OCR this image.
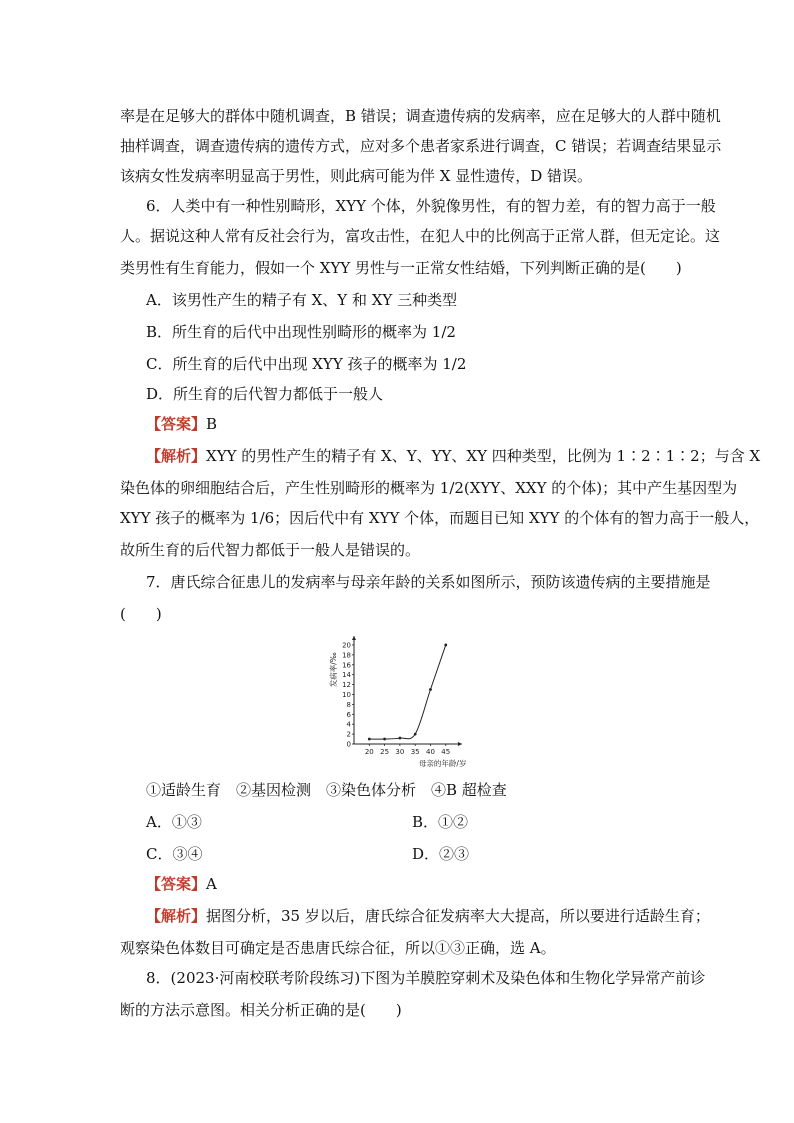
率是在足够大的群体中随机调查，B 错误；调查遗传病的发病率，应在足够大的人群中随机
抽样调查，调查遗传病的遗传方式，应对多个患者家系进行调查，C 错误；若调查结果显示
该病女性发病率明显高于男性，则此病可能为伴 X 显性遗传，D 错误。
6．人类中有一种性别畸形，XYY 个体，外貌像男性，有的智力差，有的智力高于一般
人。据说这种人常有反社会行为，富攻击性，在犯人中的比例高于正常人群，但无定论。这
类男性有生育能力，假如一个 XYY 男性与一正常女性结婚，下列判断正确的是(　　)
A．该男性产生的精子有 X、Y 和 XY 三种类型
B．所生育的后代中出现性别畸形的概率为 1/2
C．所生育的后代中出现 XYY 孩子的概率为 1/2
D．所生育的后代智力都低于一般人
【答案】B
【解析】XYY 的男性产生的精子有 X、Y、YY、XY 四种类型，比例为 1∶2∶1∶2；与含 X
染色体的卵细胞结合后，产生性别畸形的概率为 1/2(XYY、XXY 的个体)；其中产生基因型为
XYY 孩子的概率为 1/6；因后代中有 XYY 个体，而题目已知 XYY 的个体有的智力高于一般人，
故所生育的后代智力都低于一般人是错误的。
7．唐氏综合征患儿的发病率与母亲年龄的关系如图所示，预防该遗传病的主要措施是
(　　)
0
2
4
6
8
10
12
14
16
18
20
20 25 30 35 40 45
母亲的年龄/岁
发病率/‰
①适龄生育　②基因检测　③染色体分析　④B 超检查
A．①③	B．①②
C．③④	D．②③
【答案】A
【解析】据图分析，35 岁以后，唐氏综合征发病率大大提高，所以要进行适龄生育；
观察染色体数目可确定是否患唐氏综合征，所以①③正确，选 A。
8．(2023·河南校联考阶段练习)下图为羊膜腔穿刺术及染色体和生物化学异常产前诊
断的方法示意图。相关分析正确的是(　　)
